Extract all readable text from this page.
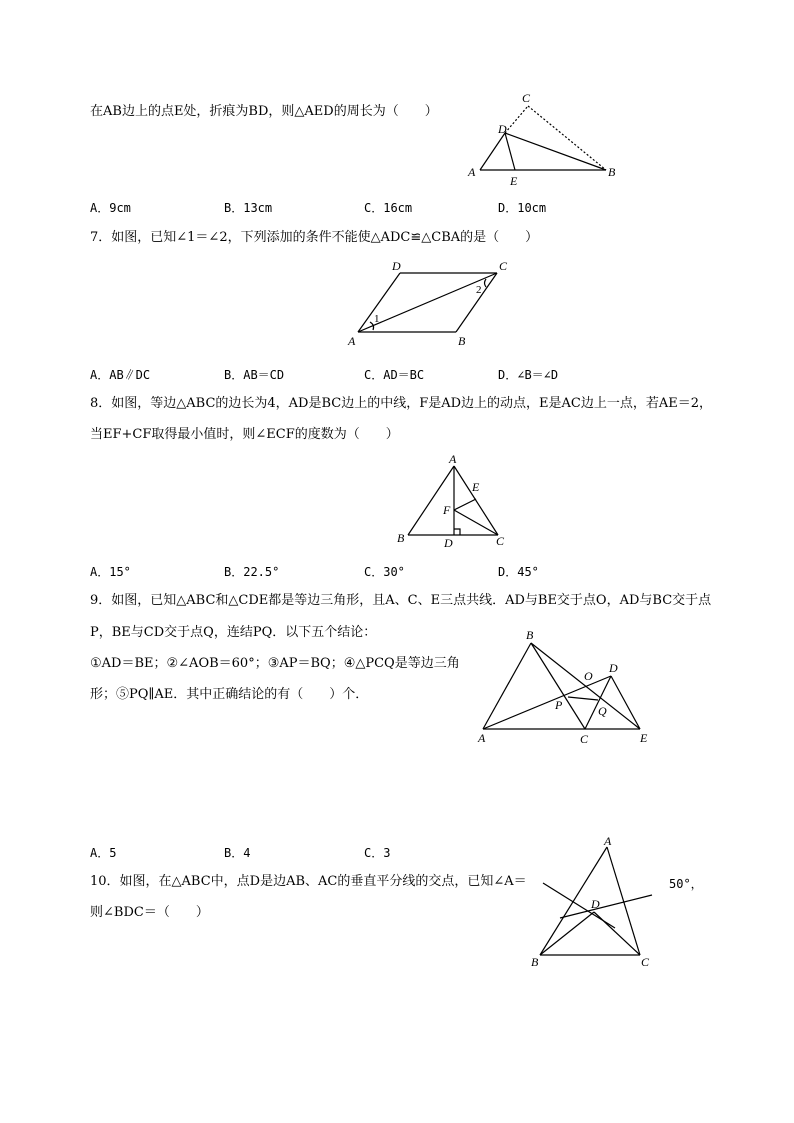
在AB边上的点E处，折痕为BD，则△AED的周长为（　　）
C
D
A
E
B
A．9cm	B．13cm	C．16cm	D．10cm
7．如图，已知∠1＝∠2，下列添加的条件不能使△ADC≌△CBA的是（　　）
D	C
2
1
A	B
A．AB∥DC	B．AB＝CD	C．AD＝BC	D．∠B＝∠D
8．如图，等边△ABC的边长为4，AD是BC边上的中线，F是AD边上的动点，E是AC边上一点，若AE＝2，
当EF+CF取得最小值时，则∠ECF的度数为（　　）
A
E
F
B	D	C
A．15°	B．22.5°	C．30°	D．45°
9．如图，已知△ABC和△CDE都是等边三角形，且A、C、E三点共线．AD与BE交于点O，AD与BC交于点
P，BE与CD交于点Q，连结PQ．以下五个结论：
①AD＝BE；②∠AOB＝60°；③AP＝BQ；④△PCQ是等边三角
形；⑤PQ∥AE．其中正确结论的有（　　）个．
B
O
D
P	Q
A	C	E
A．5	B．4	C．3
10．如图，在△ABC中，点D是边AB、AC的垂直平分线的交点，已知∠A＝	50°，
则∠BDC＝（　　）
A
D
B	C
